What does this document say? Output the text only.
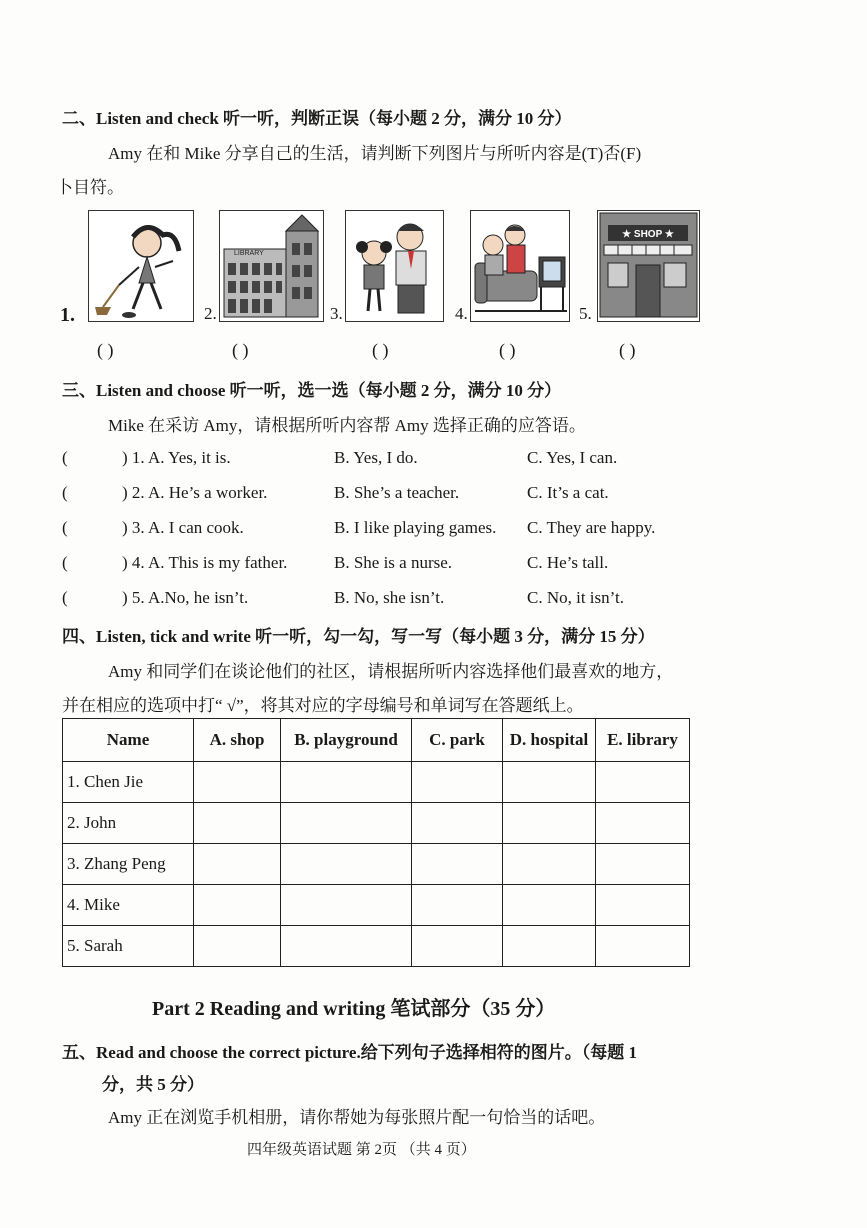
二、Listen and check 听一听，判断正误（每小题 2 分，满分 10 分）
Amy 在和 Mike 分享自己的生活，请判断下列图片与所听内容是(T)否(F)
卜目符。
1.	2.
LIBRARY
3.	4.	5.
★ SHOP ★
( )	( )	( )	( )	( )
三、Listen and choose 听一听，选一选（每小题 2 分，满分 10 分）
Mike 在采访 Amy，请根据所听内容帮 Amy 选择正确的应答语。
(	) 1. A. Yes, it is.	B. Yes, I do.	C. Yes, I can.
(	) 2. A. He’s a worker.	B. She’s a teacher.	C. It’s a cat.
(	) 3. A. I can cook.	B. I like playing games. C. They are happy.
(	) 4. A. This is my father.	B. She is a nurse.	C. He’s tall.
(	) 5. A.No, he isn’t.	B. No, she isn’t.	C. No, it isn’t.
四、Listen, tick and write 听一听，勾一勾，写一写（每小题 3 分，满分 15 分）
Amy 和同学们在谈论他们的社区，请根据所听内容选择他们最喜欢的地方，
并在相应的选项中打“ √”，将其对应的字母编号和单词写在答题纸上。
Name	A. shop	B. playground	C. park	D. hospital	E. library
1. Chen Jie					
2. John					
3. Zhang Peng					
4. Mike					
5. Sarah					
Part 2 Reading and writing 笔试部分（35 分）
五、Read and choose the correct picture.给下列句子选择相符的图片。（每题 1
分，共 5 分）
Amy 正在浏览手机相册，请你帮她为每张照片配一句恰当的话吧。
四年级英语试题 第 2页 （共 4 页）
